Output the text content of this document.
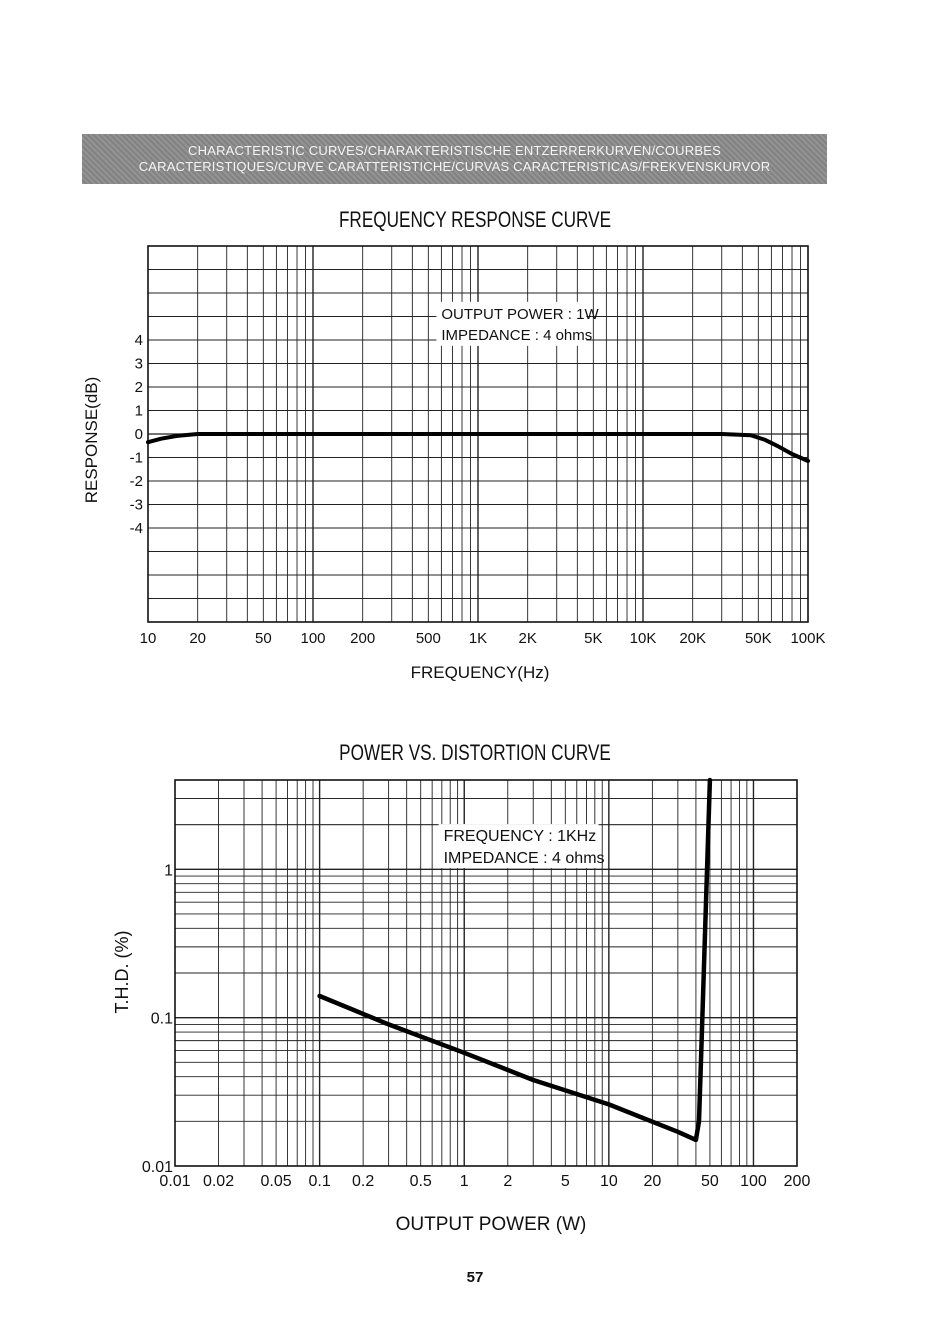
CHARACTERISTIC CURVES/CHARAKTERISTISCHE ENTZERRERKURVEN/COURBES
CARACTERISTIQUES/CURVE CARATTERISTICHE/CURVAS CARACTERISTICAS/FREKVENSKURVOR
FREQUENCY RESPONSE CURVE
POWER VS. DISTORTION CURVE
4
3
2
1
0
-1
-2
-3
-4
10 20	50 100 200	500 1K 2K	5K 10K 20K	50K 100K
FREQUENCY(Hz)
RESPONSE(dB)
OUTPUT POWER : 1W
IMPEDANCE : 4 ohms
1
0.1
0.01
0.01 0.02 0.05 0.1 0.2 0.5 1 2	5 10 20 50 100 200
OUTPUT POWER (W)
T.H.D. (%)
FREQUENCY : 1KHz
IMPEDANCE : 4 ohms
57
